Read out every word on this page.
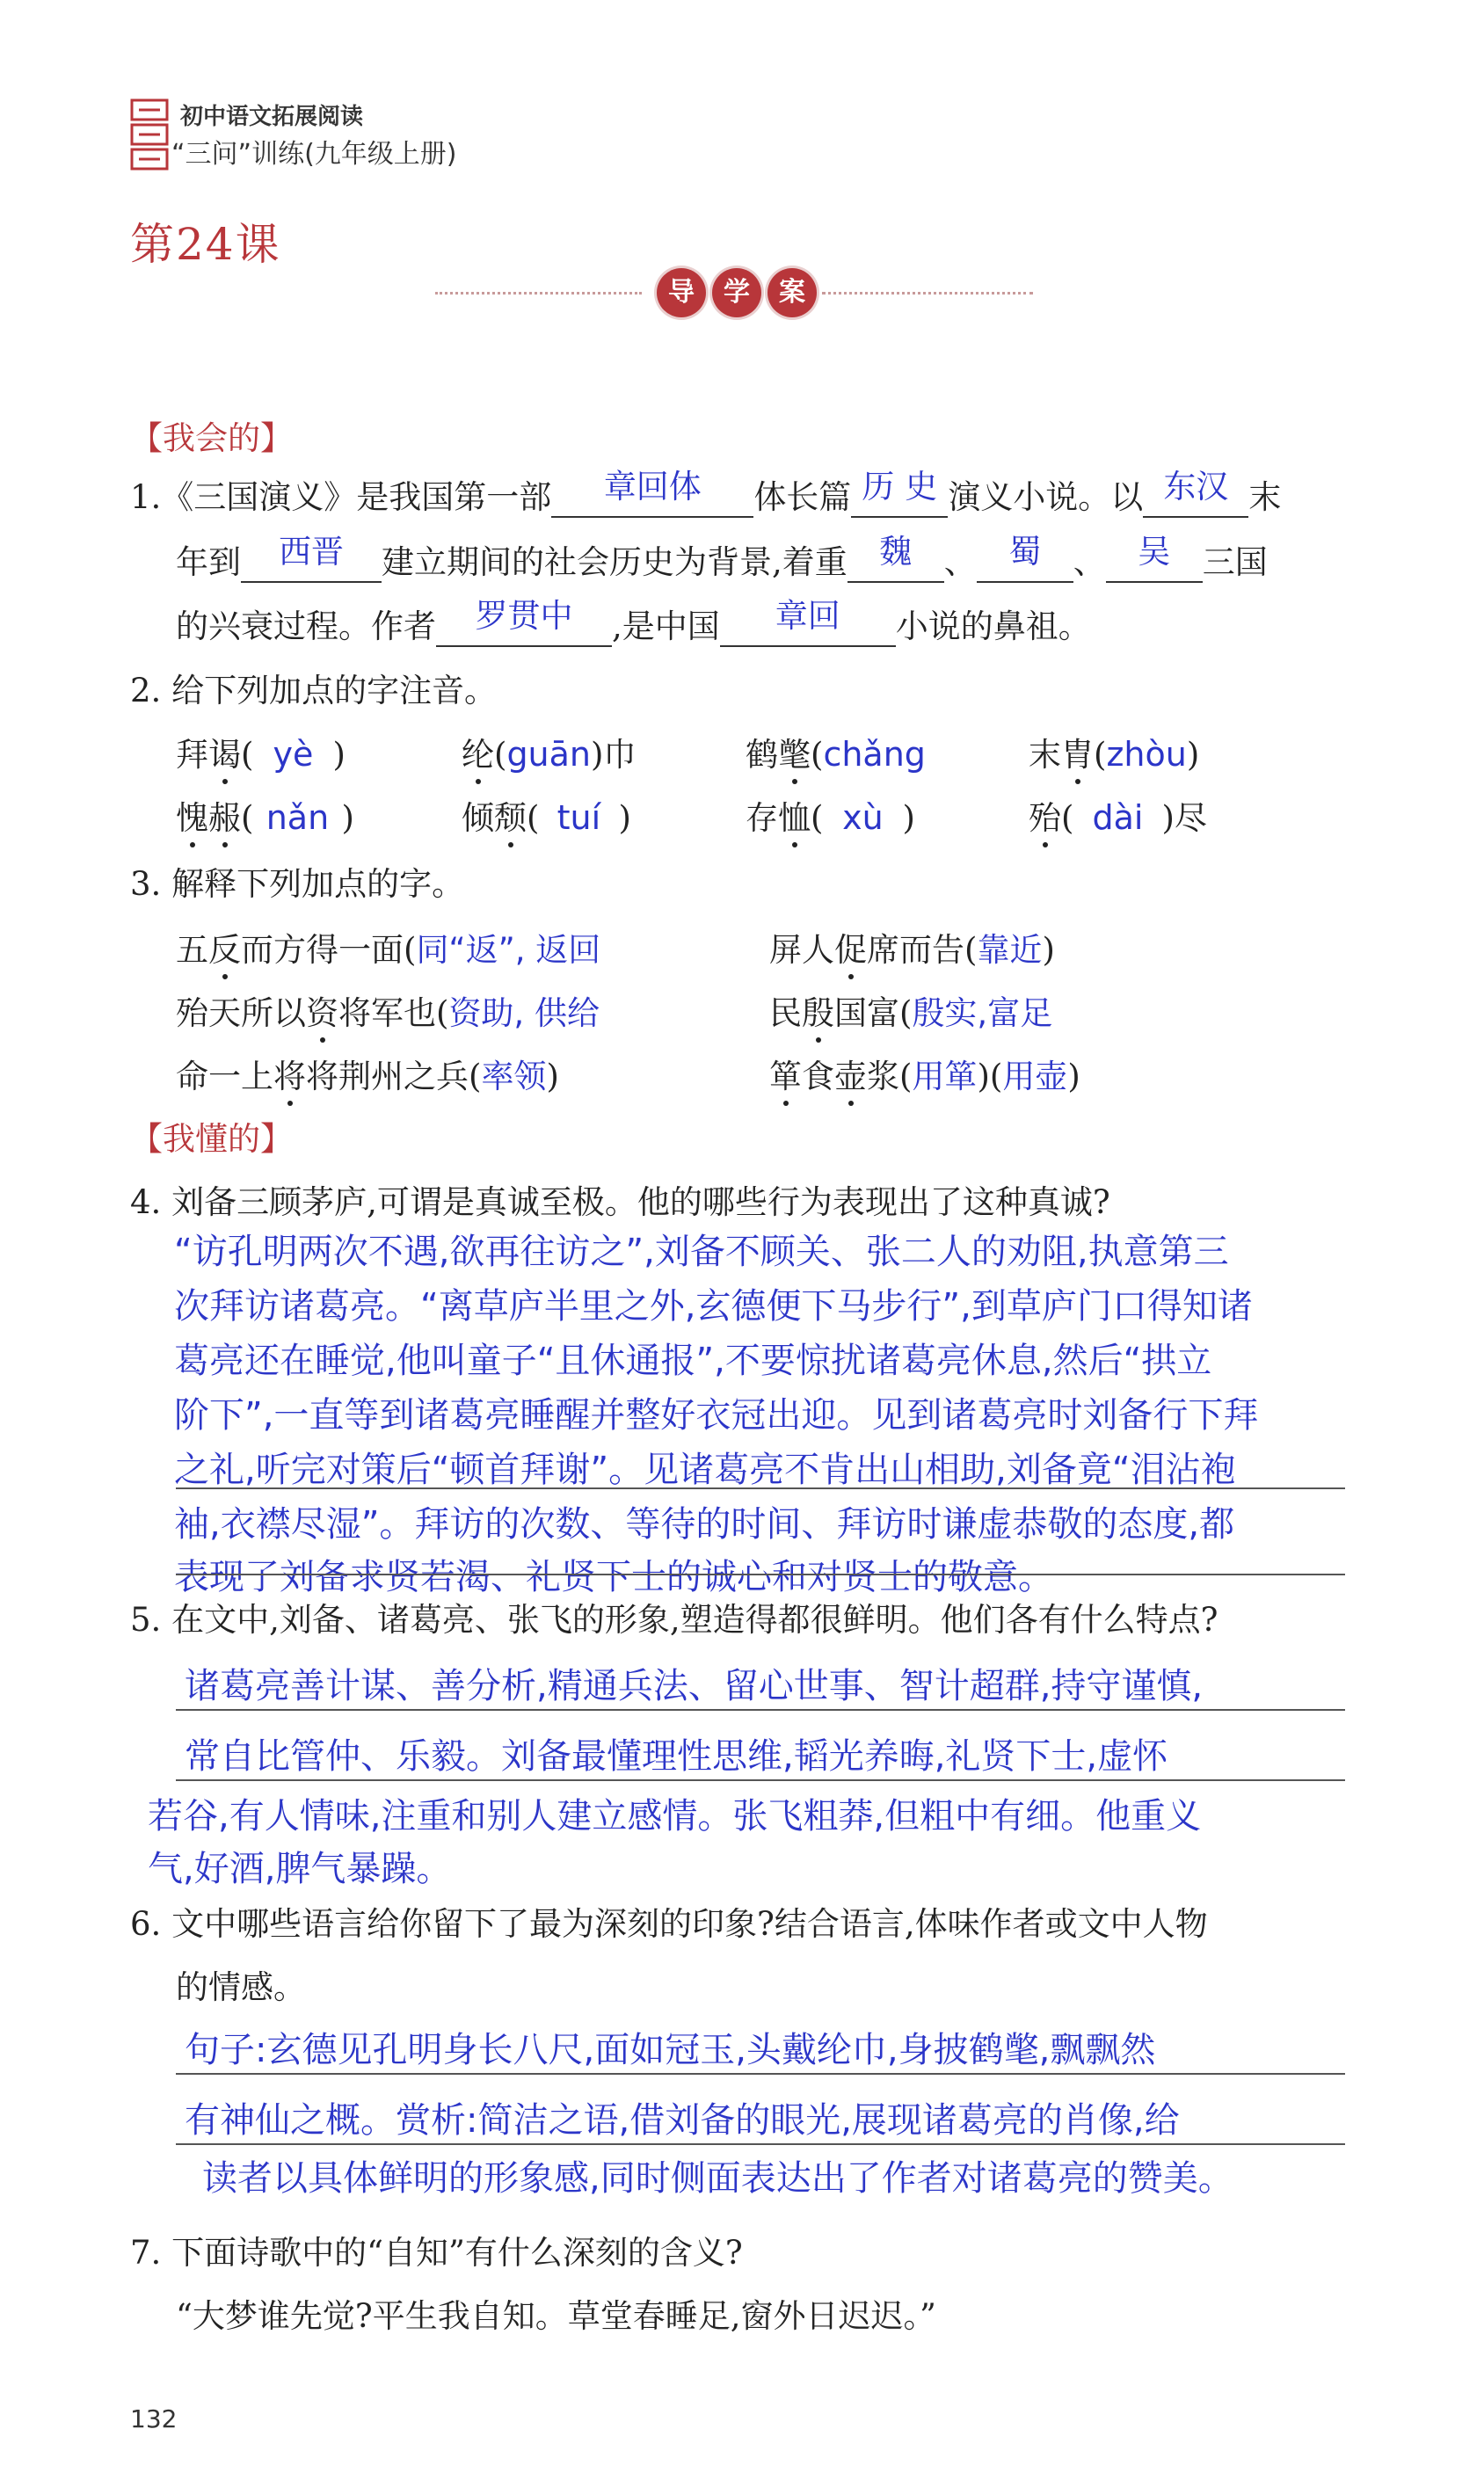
初中语文拓展阅读
“三问”训练(九年级上册)
第24课
导	学	案
【我会的】
1.《三国演义》是我国第一部 章回体 体长篇 历 史 演义小说。以 东汉 末
年到 西晋 建立期间的社会历史为背景,着重 魏 、 蜀 、 吴 三国
的兴衰过程。作者 罗贯中 ,是中国 章回 小说的鼻祖。
2. 给下列加点的字注音。
拜谒( yè )	纶(guān)巾	鹤氅(chǎng	末胄(zhòu)
愧赧( nǎn )	倾颓( tuí )	存恤( xù )	殆( dài )尽
3. 解释下列加点的字。
五反而方得一面(同“返”, 返回	屏人促席而告(靠近)
殆天所以资将军也(资助, 供给	民殷国富(殷实,富足
命一上将将荆州之兵(率领)	箪食壶浆(用箪)(用壶)
【我懂的】
4. 刘备三顾茅庐,可谓是真诚至极。他的哪些行为表现出了这种真诚?
“访孔明两次不遇,欲再往访之”,刘备不顾关、张二人的劝阻,执意第三
次拜访诸葛亮。“离草庐半里之外,玄德便下马步行”,到草庐门口得知诸
葛亮还在睡觉,他叫童子“且休通报”,不要惊扰诸葛亮休息,然后“拱立
阶下”,一直等到诸葛亮睡醒并整好衣冠出迎。见到诸葛亮时刘备行下拜
之礼,听完对策后“顿首拜谢”。见诸葛亮不肯出山相助,刘备竟“泪沾袍
袖,衣襟尽湿”。拜访的次数、等待的时间、拜访时谦虚恭敬的态度,都
表现了刘备求贤若渴、礼贤下士的诚心和对贤士的敬意。
5. 在文中,刘备、诸葛亮、张飞的形象,塑造得都很鲜明。他们各有什么特点?
诸葛亮善计谋、善分析,精通兵法、留心世事、智计超群,持守谨慎,
常自比管仲、乐毅。刘备最懂理性思维,韬光养晦,礼贤下士,虚怀
若谷,有人情味,注重和别人建立感情。张飞粗莽,但粗中有细。他重义
气,好酒,脾气暴躁。
6. 文中哪些语言给你留下了最为深刻的印象?结合语言,体味作者或文中人物
的情感。
句子:玄德见孔明身长八尺,面如冠玉,头戴纶巾,身披鹤氅,飘飘然
有神仙之概。赏析:简洁之语,借刘备的眼光,展现诸葛亮的肖像,给
读者以具体鲜明的形象感,同时侧面表达出了作者对诸葛亮的赞美。
7. 下面诗歌中的“自知”有什么深刻的含义?
“大梦谁先觉?平生我自知。草堂春睡足,窗外日迟迟。”
132
